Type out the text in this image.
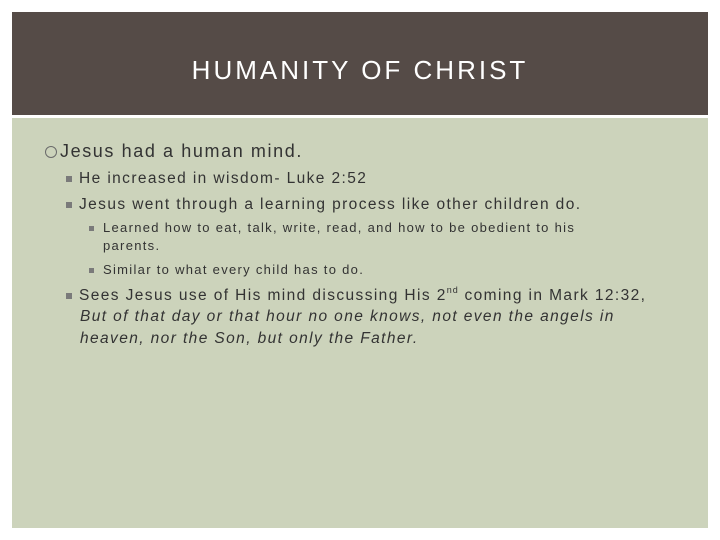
HUMANITY OF CHRIST
Jesus had a human mind.
He increased in wisdom- Luke 2:52
Jesus went through a learning process like other children do.
Learned how to eat, talk, write, read, and how to be obedient to his
parents.
Similar to what every child has to do.
Sees Jesus use of His mind discussing His 2nd coming in Mark 12:32,
But of that day or that hour no one knows, not even the angels in
heaven, nor the Son, but only the Father.
